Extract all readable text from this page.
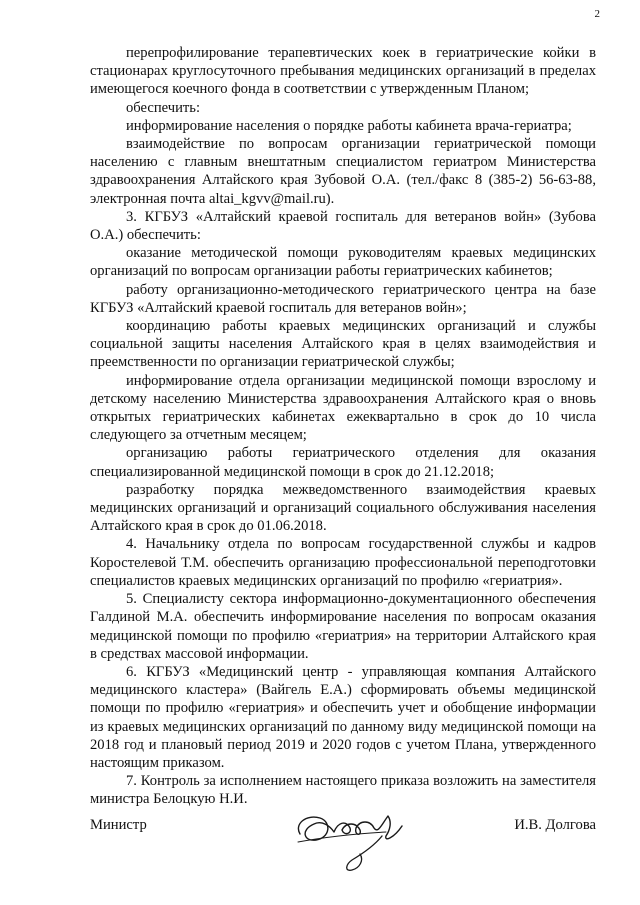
2

перепрофилирование терапевтических коек в гериатрические койки в стационарах круглосуточного пребывания медицинских организаций в пределах имеющегося коечного фонда в соответствии с утвержденным Планом;

обеспечить:

информирование населения о порядке работы кабинета врача-гериатра;

взаимодействие по вопросам организации гериатрической помощи населению с главным внештатным специалистом гериатром Министерства здравоохранения Алтайского края Зубовой О.А. (тел./факс 8 (385-2) 56-63-88, электронная почта altai_kgvv@mail.ru).

3. КГБУЗ «Алтайский краевой госпиталь для ветеранов войн» (Зубова О.А.) обеспечить:

оказание методической помощи руководителям краевых медицинских организаций по вопросам организации работы гериатрических кабинетов;

работу организационно-методического гериатрического центра на базе КГБУЗ «Алтайский краевой госпиталь для ветеранов войн»;

координацию работы краевых медицинских организаций и службы социальной защиты населения Алтайского края в целях взаимодействия и преемственности по организации гериатрической службы;

информирование отдела организации медицинской помощи взрослому и детскому населению Министерства здравоохранения Алтайского края о вновь открытых гериатрических кабинетах ежеквартально в срок до 10 числа следующего за отчетным месяцем;

организацию работы гериатрического отделения для оказания специализированной медицинской помощи в срок до 21.12.2018;

разработку порядка межведомственного взаимодействия краевых медицинских организаций и организаций социального обслуживания населения Алтайского края в срок до 01.06.2018.

4. Начальнику отдела по вопросам государственной службы и кадров Коростелевой Т.М. обеспечить организацию профессиональной переподготовки специалистов краевых медицинских организаций по профилю «гериатрия».

5. Специалисту сектора информационно-документационного обеспечения Галдиной М.А. обеспечить информирование населения по вопросам оказания медицинской помощи по профилю «гериатрия» на территории Алтайского края в средствах массовой информации.

6. КГБУЗ «Медицинский центр - управляющая компания Алтайского медицинского кластера» (Вайгель Е.А.) сформировать объемы медицинской помощи по профилю «гериатрия» и обеспечить учет и обобщение информации из краевых медицинских организаций по данному виду медицинской помощи на 2018 год и плановый период 2019 и 2020 годов с учетом Плана, утвержденного настоящим приказом.

7. Контроль за исполнением настоящего приказа возложить на заместителя министра Белоцкую Н.И.

Министр	И.В. Долгова
